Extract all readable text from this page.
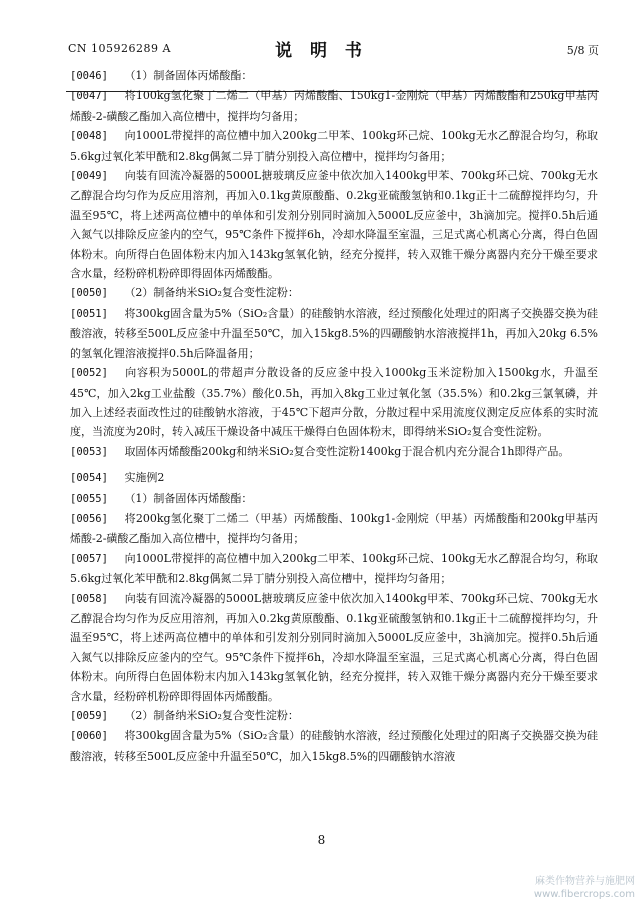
CN 105926289 A	说 明 书	5/8 页

[0046]  （1）制备固体丙烯酸酯：

[0047]  将100kg氢化聚丁二烯二（甲基）丙烯酸酯、150kg1-金刚烷（甲基）丙烯酸酯和250kg甲基丙烯酸-2-磺酸乙酯加入高位槽中，搅拌均匀备用；

[0048]  向1000L带搅拌的高位槽中加入200kg二甲苯、100kg环己烷、100kg无水乙醇混合均匀，称取5.6kg过氧化苯甲酰和2.8kg偶氮二异丁腈分别投入高位槽中，搅拌均匀备用；

[0049]  向装有回流冷凝器的5000L搪玻璃反应釜中依次加入1400kg甲苯、700kg环己烷、700kg无水乙醇混合均匀作为反应用溶剂，再加入0.1kg黄原酸酯、0.2kg亚硫酸氢钠和0.1kg正十二硫醇搅拌均匀，升温至95℃，将上述两高位槽中的单体和引发剂分别同时滴加入5000L反应釜中，3h滴加完。搅拌0.5h后通入氮气以排除反应釜内的空气，95℃条件下搅拌6h，冷却水降温至室温，三足式离心机离心分离，得白色固体粉末。向所得白色固体粉末内加入143kg氢氧化钠，经充分搅拌，转入双锥干燥分离器内充分干燥至要求含水量，经粉碎机粉碎即得固体丙烯酸酯。

[0050]  （2）制备纳米SiO₂复合变性淀粉：

[0051]  将300kg固含量为5%（SiO₂含量）的硅酸钠水溶液，经过预酸化处理过的阳离子交换器交换为硅酸溶液，转移至500L反应釜中升温至50℃，加入15kg8.5%的四硼酸钠水溶液搅拌1h，再加入20kg 6.5%的氢氧化锂溶液搅拌0.5h后降温备用；

[0052]  向容积为5000L的带超声分散设备的反应釜中投入1000kg玉米淀粉加入1500kg水，升温至45℃，加入2kg工业盐酸（35.7%）酸化0.5h，再加入8kg工业过氧化氢（35.5%）和0.2kg三氯氧磷，并加入上述经表面改性过的硅酸钠水溶液，于45℃下超声分散，分散过程中采用流度仪测定反应体系的实时流度，当流度为20时，转入减压干燥设备中减压干燥得白色固体粉末，即得纳米SiO₂复合变性淀粉。

[0053]  取固体丙烯酸酯200kg和纳米SiO₂复合变性淀粉1400kg于混合机内充分混合1h即得产品。

[0054]  实施例2

[0055]  （1）制备固体丙烯酸酯：

[0056]  将200kg氢化聚丁二烯二（甲基）丙烯酸酯、100kg1-金刚烷（甲基）丙烯酸酯和200kg甲基丙烯酸-2-磺酸乙酯加入高位槽中，搅拌均匀备用；

[0057]  向1000L带搅拌的高位槽中加入200kg二甲苯、100kg环己烷、100kg无水乙醇混合均匀，称取5.6kg过氧化苯甲酰和2.8kg偶氮二异丁腈分别投入高位槽中，搅拌均匀备用；

[0058]  向装有回流冷凝器的5000L搪玻璃反应釜中依次加入1400kg甲苯、700kg环己烷、700kg无水乙醇混合均匀作为反应用溶剂，再加入0.2kg黄原酸酯、0.1kg亚硫酸氢钠和0.1kg正十二硫醇搅拌均匀，升温至95℃，将上述两高位槽中的单体和引发剂分别同时滴加入5000L反应釜中，3h滴加完。搅拌0.5h后通入氮气以排除反应釜内的空气。95℃条件下搅拌6h，冷却水降温至室温，三足式离心机离心分离，得白色固体粉末。向所得白色固体粉末内加入143kg氢氧化钠，经充分搅拌，转入双锥干燥分离器内充分干燥至要求含水量，经粉碎机粉碎即得固体丙烯酸酯。

[0059]  （2）制备纳米SiO₂复合变性淀粉：

[0060]  将300kg固含量为5%（SiO₂含量）的硅酸钠水溶液，经过预酸化处理过的阳离子交换器交换为硅酸溶液，转移至500L反应釜中升温至50℃，加入15kg8.5%的四硼酸钠水溶液

8
麻类作物营养与施肥网
www.fibercrops.com
